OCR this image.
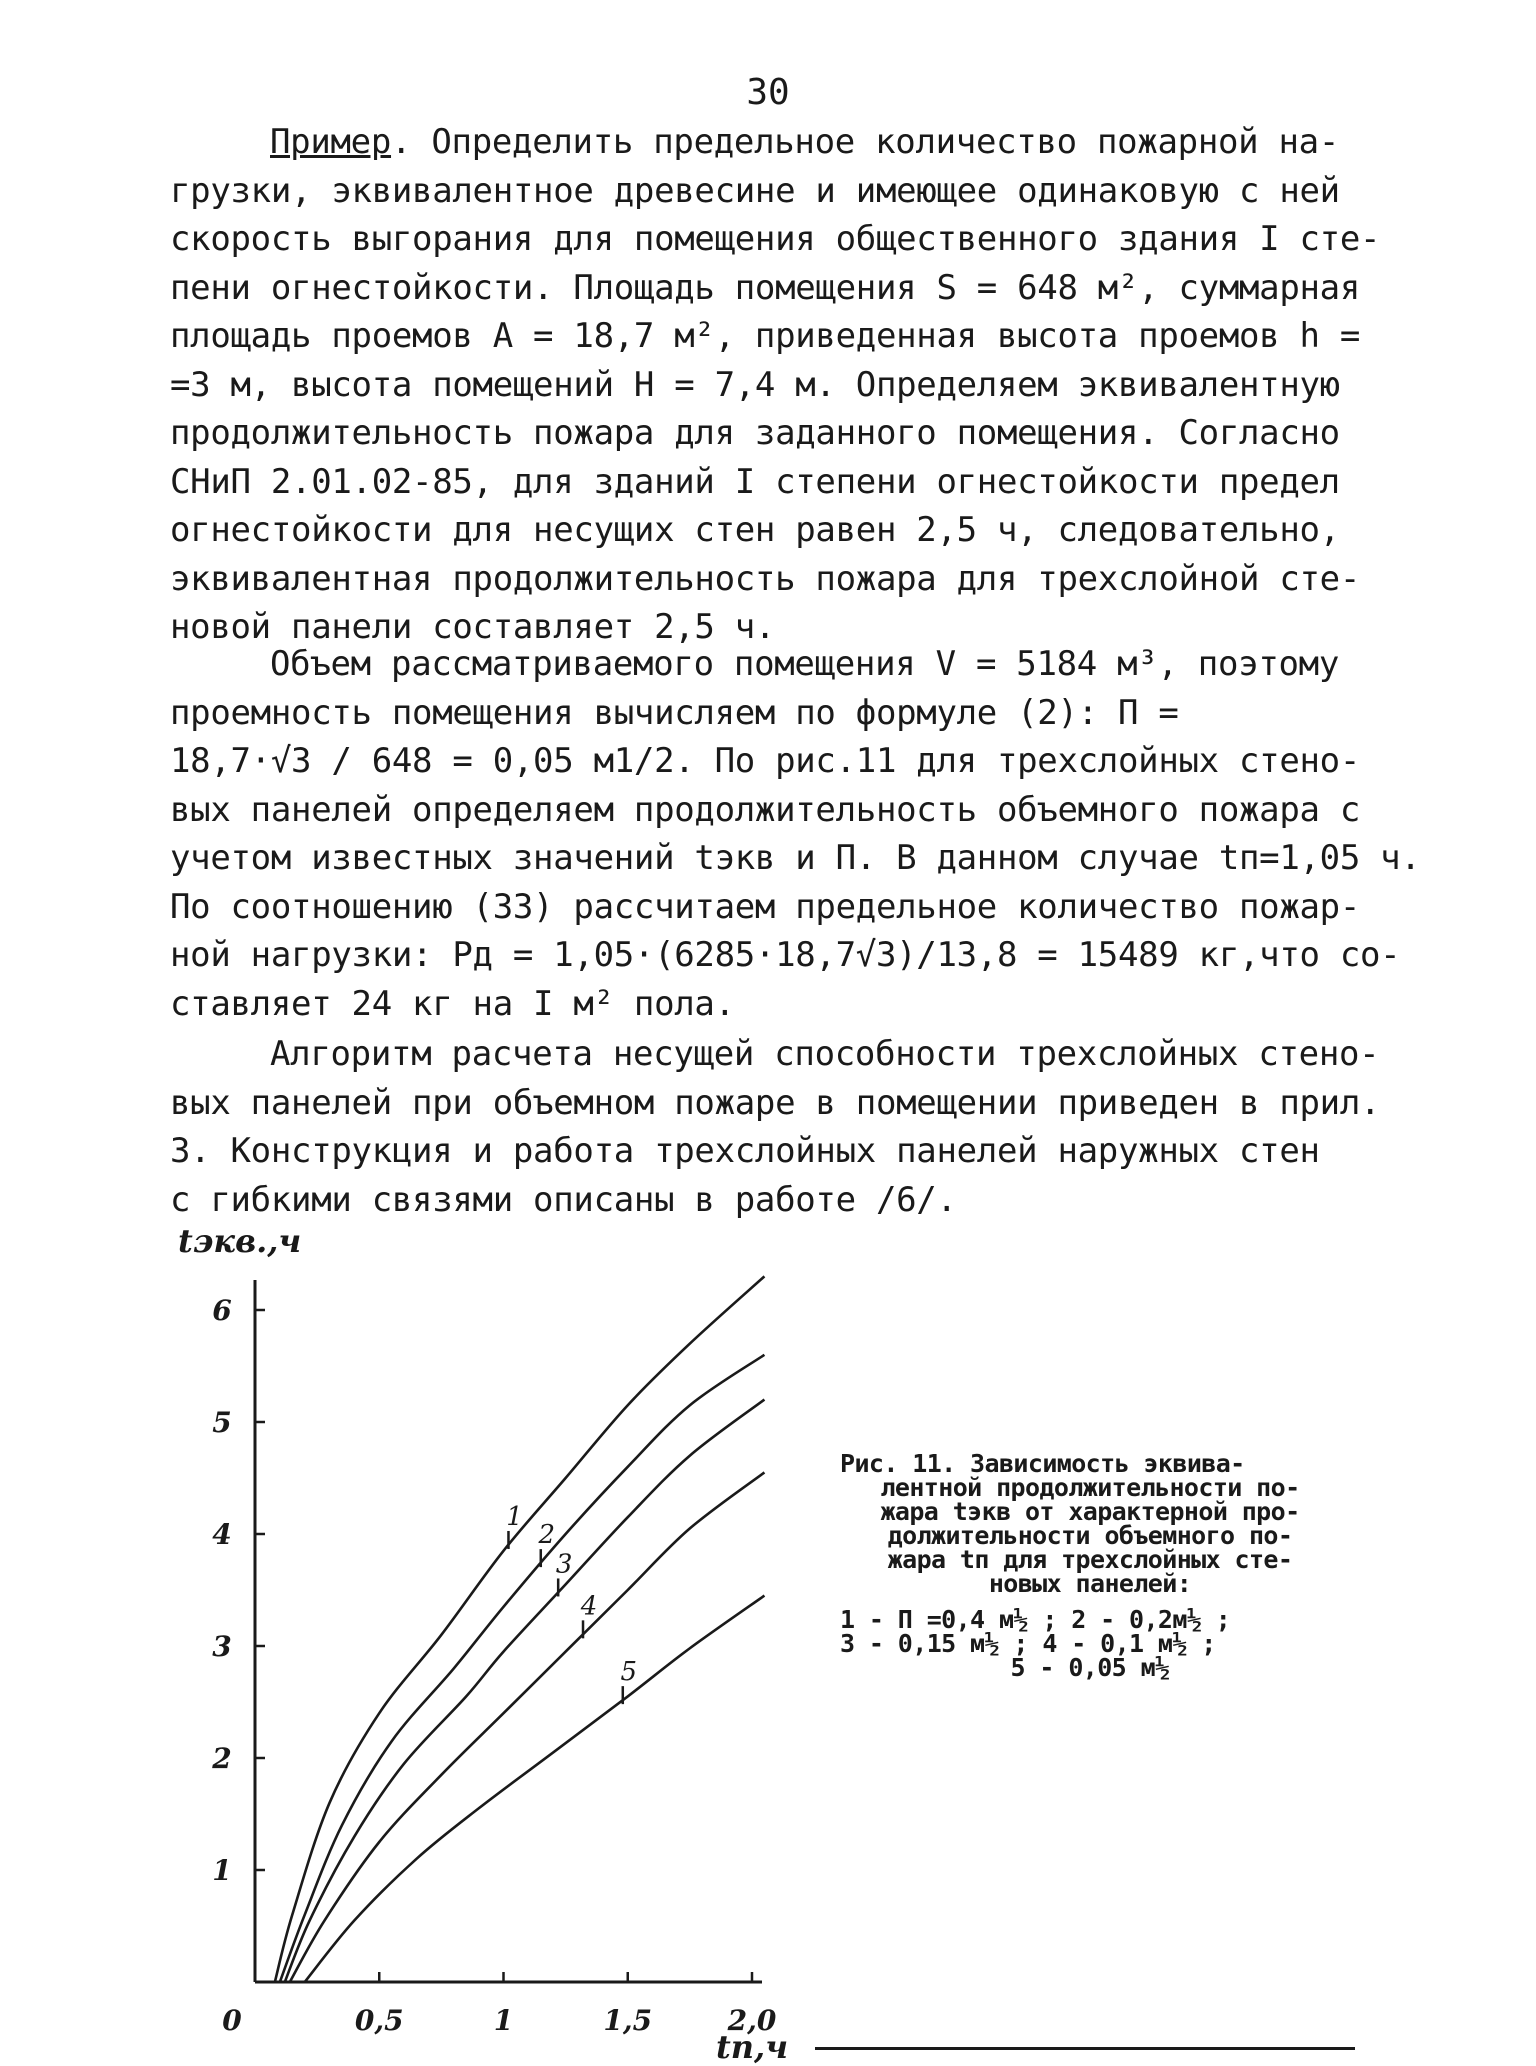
30
Пример. Определить предельное количество пожарной на-
грузки, эквивалентное древесине и имеющее одинаковую с ней
скорость выгорания для помещения общественного здания I сте-
пени огнестойкости. Площадь помещения S = 648 м², суммарная
площадь проемов A = 18,7 м², приведенная высота проемов h =
=3 м, высота помещений H = 7,4 м. Определяем эквивалентную
продолжительность пожара для заданного помещения. Согласно
СНиП 2.01.02-85, для зданий I степени огнестойкости предел
огнестойкости для несущих стен равен 2,5 ч, следовательно,
эквивалентная продолжительность пожара для трехслойной сте-
новой панели составляет 2,5 ч.
Объем рассматриваемого помещения V = 5184 м³, поэтому
проемность помещения вычисляем по формуле (2): П =
18,7·√3 / 648 = 0,05 м1/2. По рис.11 для трехслойных стено-
вых панелей определяем продолжительность объемного пожара с
учетом известных значений tэкв и П. В данном случае tп=1,05 ч.
По соотношению (33) рассчитаем предельное количество пожар-
ной нагрузки: Pд = 1,05·(6285·18,7√3)/13,8 = 15489 кг,что со-
ставляет 24 кг на I м² пола.
Алгоритм расчета несущей способности трехслойных стено-
вых панелей при объемном пожаре в помещении приведен в прил.
3. Конструкция и работа трехслойных панелей наружных стен
с гибкими связями описаны в работе /6/.
1
2
3
4
5
6
0,5	1	1,5	2,0
0
tэкв.,ч
tп,ч
1
2
3
4
5
Рис. 11. Зависимость эквива-
лентной продолжительности по-
жара tэкв от характерной про-
должительности объемного по-
жара tп для трехслойных сте-
новых панелей:
1 - П =0,4 м½ ; 2 - 0,2м½ ;
3 - 0,15 м½ ; 4 - 0,1 м½ ;
5 - 0,05 м½
